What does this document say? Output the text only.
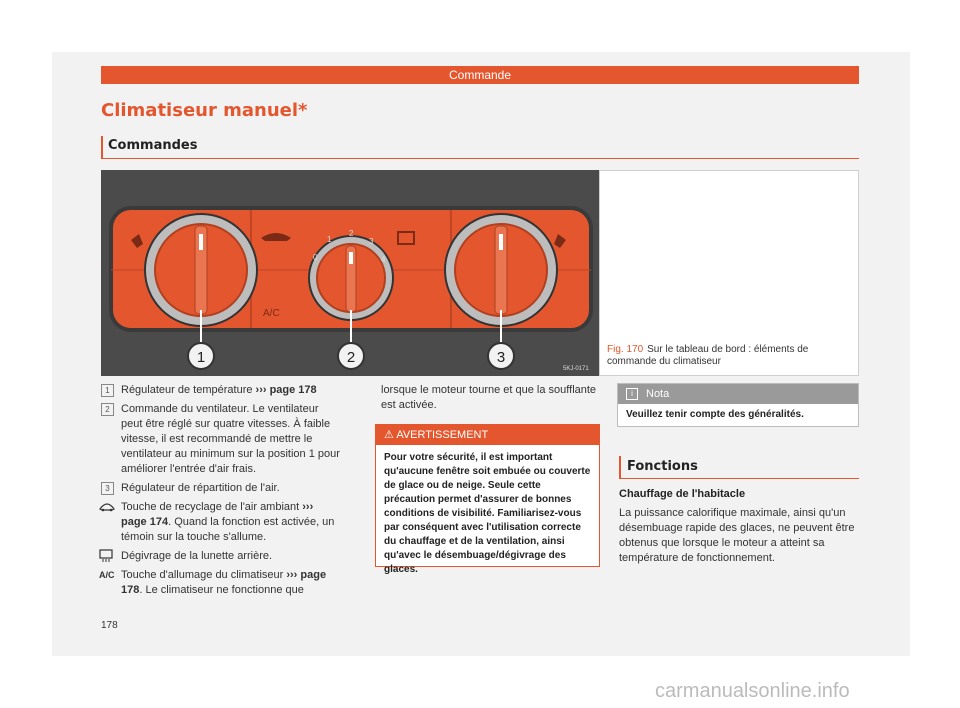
Commande
Climatiseur manuel*
Commandes
A/C
0
1
2
3
4
1	2	3
5KJ-0171
Fig. 170 Sur le tableau de bord : éléments de commande du climatiseur
1	Régulateur de température ››› page 178
2	Commande du ventilateur. Le ventilateur peut être réglé sur quatre vitesses. À faible vitesse, il est recommandé de mettre le ventilateur au minimum sur la position 1 pour améliorer l'entrée d'air frais.
3	Régulateur de répartition de l'air.
Touche de recyclage de l'air ambiant ››› page 174. Quand la fonction est activée, un témoin sur la touche s'allume.
Dégivrage de la lunette arrière.
A/C Touche d'allumage du climatiseur ››› page 178. Le climatiseur ne fonctionne que
lorsque le moteur tourne et que la soufflante est activée.
⚠ AVERTISSEMENT
Pour votre sécurité, il est important qu'aucune fenêtre soit embuée ou couverte de glace ou de neige. Seule cette précaution permet d'assurer de bonnes conditions de visibilité. Familiarisez-vous par conséquent avec l'utilisation correcte du chauffage et de la ventilation, ainsi qu'avec le désembuage/dégivrage des glaces.
i	Nota
Veuillez tenir compte des généralités.
Fonctions
Chauffage de l'habitacle
La puissance calorifique maximale, ainsi qu'un désembuage rapide des glaces, ne peuvent être obtenus que lorsque le moteur a atteint sa température de fonctionnement.
178
carmanualsonline.info
